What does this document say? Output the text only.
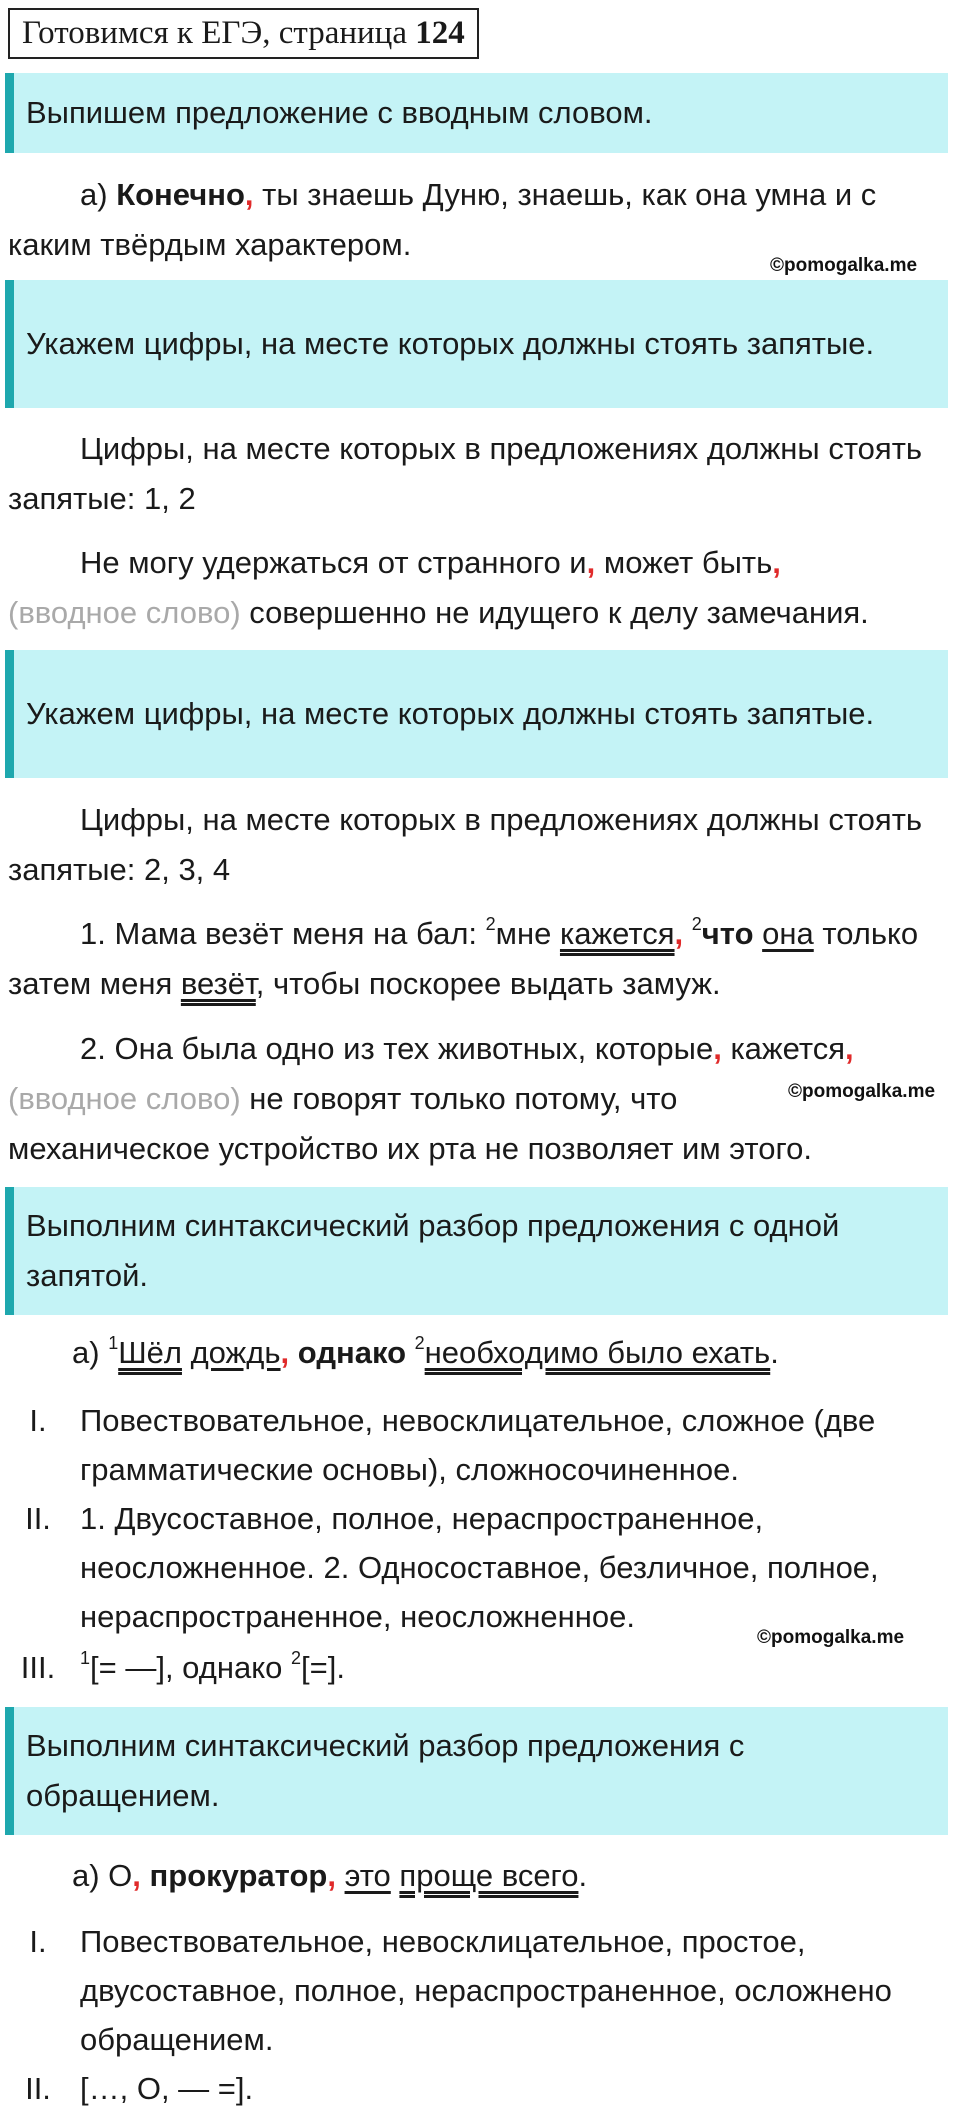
Готовимся к ЕГЭ, страница 124
Выпишем предложение с вводным словом.
а) Конечно, ты знаешь Дуню, знаешь, как она умна и с каким твёрдым характером.
©pomogalka.me
Укажем цифры, на месте которых должны стоять запятые.
Цифры, на месте которых в предложениях должны стоять запятые: 1, 2
Не могу удержаться от странного и, может быть,
(вводное слово) совершенно не идущего к делу замечания.
Укажем цифры, на месте которых должны стоять запятые.
Цифры, на месте которых в предложениях должны стоять запятые: 2, 3, 4
1. Мама везёт меня на бал: $^2$мне кажется, $^2$что она только затем меня везёт, чтобы поскорее выдать замуж.
2. Она была одно из тех животных, которые, кажется,
(вводное слово) не говорят только потому, что
механическое устройство их рта не позволяет им этого.
©pomogalka.me
Выполним синтаксический разбор предложения с одной запятой.
а) $^1$Шёл дождь, однако $^2$необходимо было ехать.
I.	Повествовательное, невосклицательное, сложное (две грамматические основы), сложносочиненное.
II. 1. Двусоставное, полное, нераспространенное, неосложненное. 2. Односоставное, безличное, полное, нераспространенное, неосложненное.
©pomogalka.me
III.	$^1$[= —], однако $^2$[=].
Выполним синтаксический разбор предложения с обращением.
а) О, прокуратор, это проще всего.
I.	Повествовательное, невосклицательное, простое, двусоставное, полное, нераспространенное, осложнено обращением.
II. […, О, — =].
